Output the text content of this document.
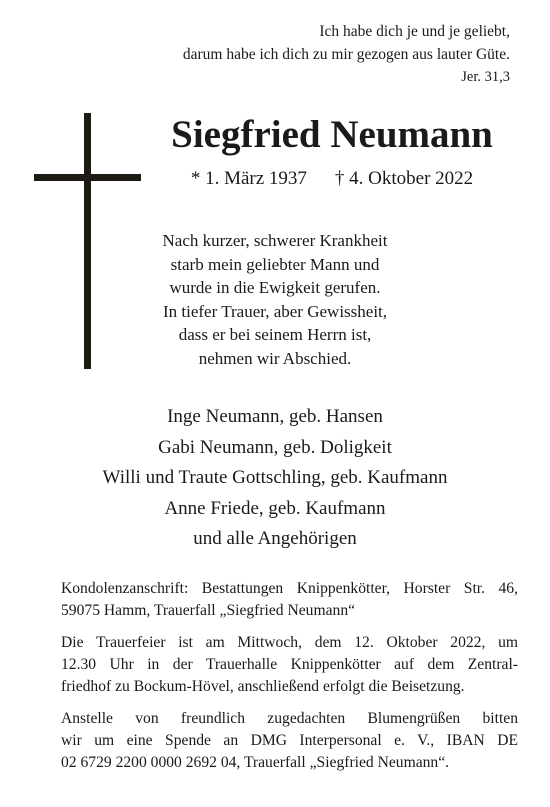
Ich habe dich je und je geliebt,
darum habe ich dich zu mir gezogen aus lauter Güte.
Jer. 31,3
Siegfried Neumann
* 1. März 1937 † 4. Oktober 2022
Nach kurzer, schwerer Krankheit
starb mein geliebter Mann und
wurde in die Ewigkeit gerufen.
In tiefer Trauer, aber Gewissheit,
dass er bei seinem Herrn ist,
nehmen wir Abschied.
Inge Neumann, geb. Hansen
Gabi Neumann, geb. Doligkeit
Willi und Traute Gottschling, geb. Kaufmann
Anne Friede, geb. Kaufmann
und alle Angehörigen

Kondolenzanschrift: Bestattungen Knippenkötter, Horster Str. 46,
59075 Hamm, Trauerfall „Siegfried Neumann“

Die Trauerfeier ist am Mittwoch, dem 12. Oktober 2022, um
12.30 Uhr in der Trauerhalle Knippenkötter auf dem Zentral-
friedhof zu Bockum-Hövel, anschließend erfolgt die Beisetzung.

Anstelle von freundlich zugedachten Blumengrüßen bitten
wir um eine Spende an DMG Interpersonal e. V., IBAN DE
02 6729 2200 0000 2692 04, Trauerfall „Siegfried Neumann“.
